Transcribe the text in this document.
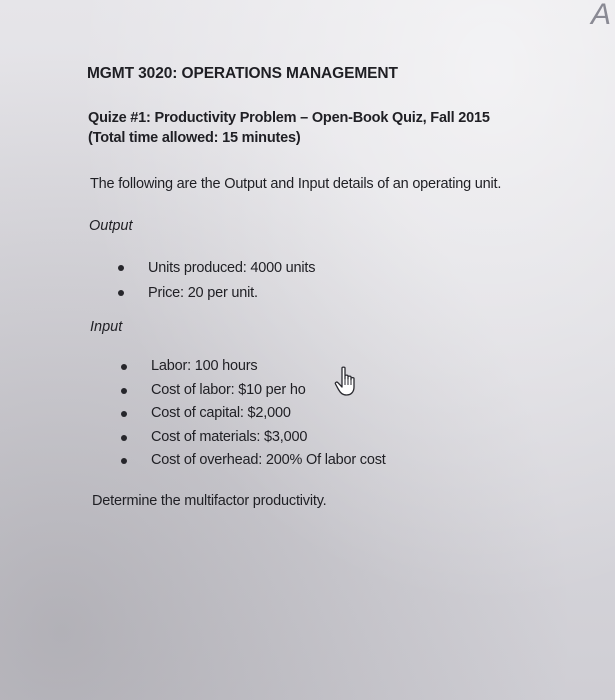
A
MGMT 3020: OPERATIONS MANAGEMENT
Quize #1: Productivity Problem – Open-Book Quiz, Fall 2015
(Total time allowed: 15 minutes)
The following are the Output and Input details of an operating unit.
Output
Units produced: 4000 units
Price: 20 per unit.
Input
Labor: 100 hours
Cost of labor: $10 per ho
Cost of capital: $2,000
Cost of materials: $3,000
Cost of overhead: 200% Of labor cost
Determine the multifactor productivity.
